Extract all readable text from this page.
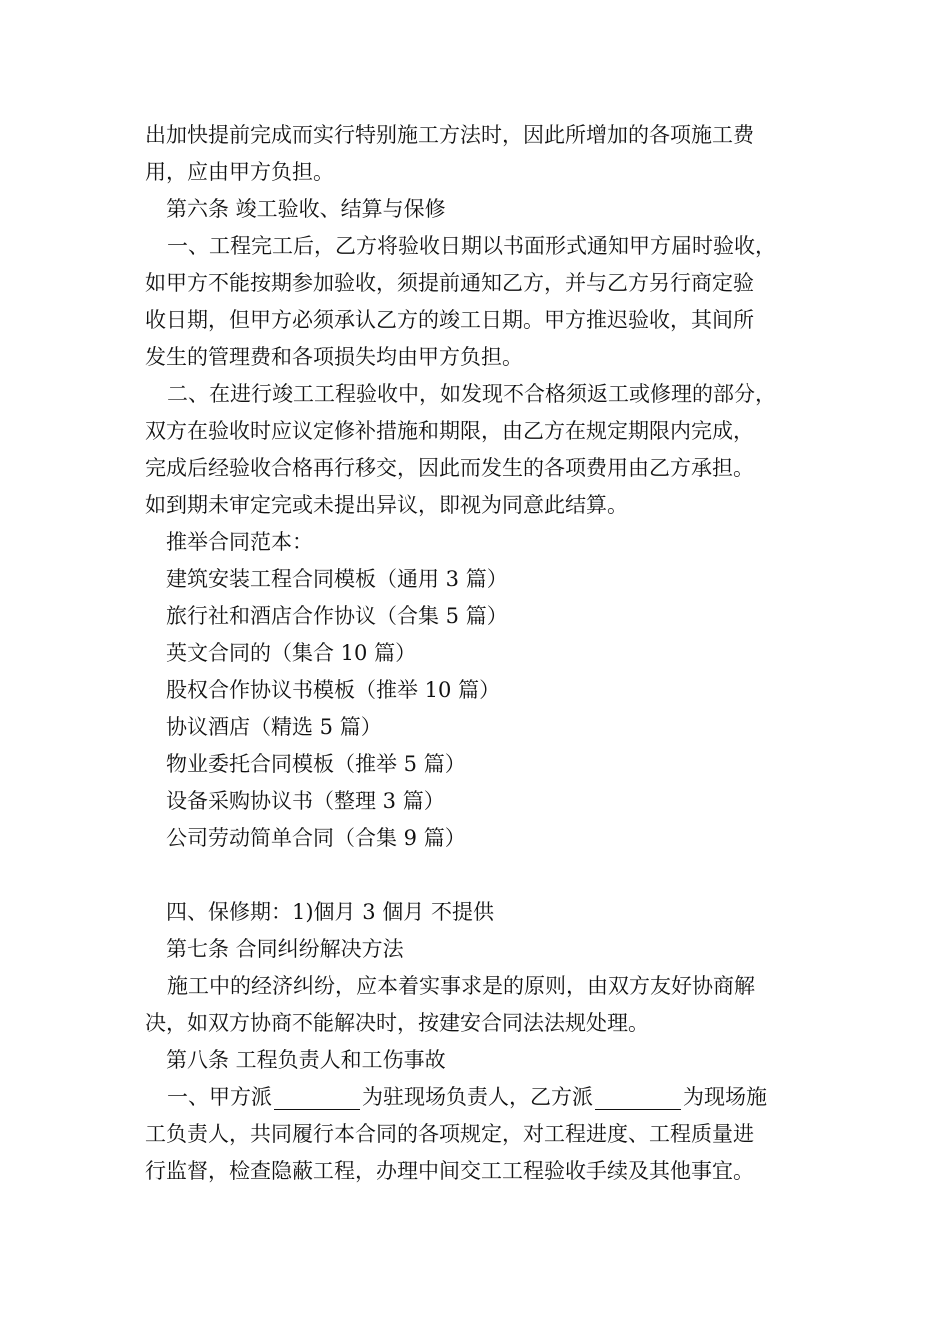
出加快提前完成而实行特别施工方法时，因此所增加的各项施工费
用，应由甲方负担。
第六条 竣工验收、结算与保修
一、工程完工后，乙方将验收日期以书面形式通知甲方届时验收，
如甲方不能按期参加验收，须提前通知乙方，并与乙方另行商定验
收日期，但甲方必须承认乙方的竣工日期。甲方推迟验收，其间所
发生的管理费和各项损失均由甲方负担。
二、在进行竣工工程验收中，如发现不合格须返工或修理的部分，
双方在验收时应议定修补措施和期限，由乙方在规定期限内完成，
完成后经验收合格再行移交，因此而发生的各项费用由乙方承担。
如到期未审定完或未提出异议，即视为同意此结算。
推举合同范本：
建筑安装工程合同模板（通用 3 篇）
旅行社和酒店合作协议（合集 5 篇）
英文合同的（集合 10 篇）
股权合作协议书模板（推举 10 篇）
协议酒店（精选 5 篇）
物业委托合同模板（推举 5 篇）
设备采购协议书（整理 3 篇）
公司劳动简单合同（合集 9 篇）
四、保修期：1)個月 3 個月 不提供
第七条 合同纠纷解决方法
施工中的经济纠纷，应本着实事求是的原则，由双方友好协商解
决，如双方协商不能解决时，按建安合同法法规处理。
第八条 工程负责人和工伤事故
一、甲方派	为驻现场负责人，乙方派	为现场施
工负责人，共同履行本合同的各项规定，对工程进度、工程质量进
行监督，检查隐蔽工程，办理中间交工工程验收手续及其他事宜。
